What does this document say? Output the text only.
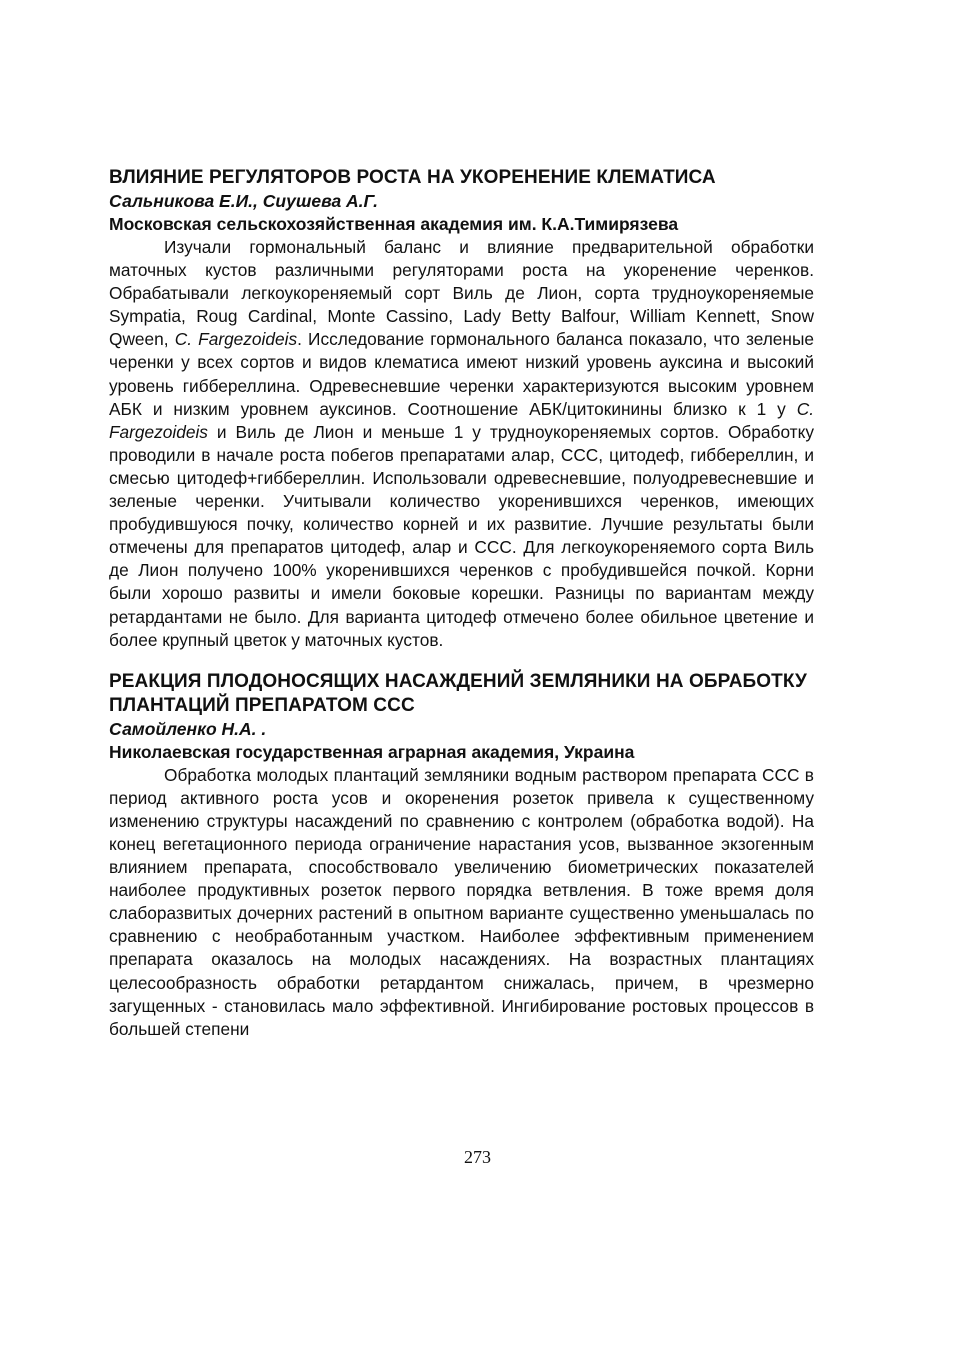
ВЛИЯНИЕ РЕГУЛЯТОРОВ РОСТА НА УКОРЕНЕНИЕ КЛЕМАТИСА

Сальникова Е.И., Сиушева А.Г.

Московская сельскохозяйственная академия им. К.А.Тимирязева

Изучали гормональный баланс и влияние предварительной обработки маточных кустов различными регуляторами роста на укоренение черенков. Обрабатывали легкоукореняемый сорт Виль де Лион, сорта трудноукореняемые Sympatia, Roug Cardinal, Monte Cassino, Lady Betty Balfour, William Kennett, Snow Qween, C. Fargezoideis. Исследование гормонального баланса показало, что зеленые черенки у всех сортов и видов клематиса имеют низкий уровень ауксина и высокий уровень гиббереллина. Одревесневшие черенки характеризуются высоким уровнем АБК и низким уровнем ауксинов. Соотношение АБК/цитокинины близко к 1 у C. Fargezoideis и Виль де Лион и меньше 1 у трудноукореняемых сортов. Обработку проводили в начале роста побегов препаратами алар, ССС, цитодеф, гиббереллин, и смесью цитодеф+гиббереллин. Использовали одревесневшие, полуодревесневшие и зеленые черенки. Учитывали количество укоренившихся черенков, имеющих пробудившуюся почку, количество корней и их развитие. Лучшие результаты были отмечены для препаратов цитодеф, алар и ССС. Для легкоукореняемого сорта Виль де Лион получено 100% укоренившихся черенков с пробудившейся почкой. Корни были хорошо развиты и имели боковые корешки. Разницы по вариантам между ретардантами не было. Для варианта цитодеф отмечено более обильное цветение и более крупный цветок у маточных кустов.

РЕАКЦИЯ ПЛОДОНОСЯЩИХ НАСАЖДЕНИЙ ЗЕМЛЯНИКИ НА ОБРАБОТКУ ПЛАНТАЦИЙ ПРЕПАРАТОМ ССС

Самойленко Н.А. .

Николаевская государственная аграрная академия, Украина

Обработка молодых плантаций земляники водным раствором препарата ССС в период активного роста усов и окоренения розеток привела к существенному изменению структуры насаждений по сравнению с контролем (обработка водой). На конец вегетационного периода ограничение нарастания усов, вызванное экзогенным влиянием препарата, способствовало увеличению биометрических показателей наиболее продуктивных розеток первого порядка ветвления. В тоже время доля слаборазвитых дочерних растений в опытном варианте существенно уменьшалась по сравнению с необработанным участком. Наиболее эффективным применением препарата оказалось на молодых насаждениях. На возрастных плантациях целесообразность обработки ретардантом снижалась, причем, в чрезмерно загущенных - становилась мало эффективной. Ингибирование ростовых процессов в большей степени

273
